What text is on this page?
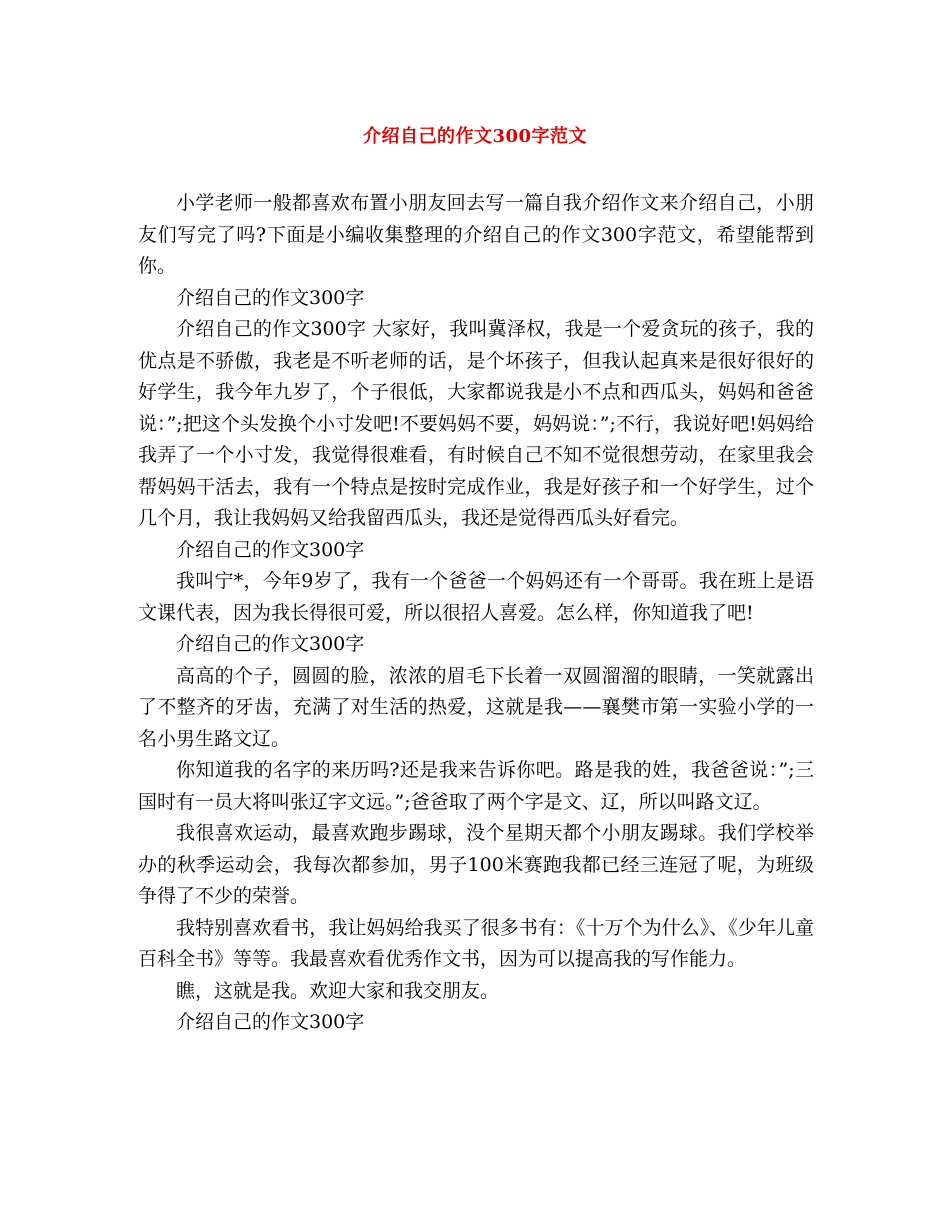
介绍自己的作文300字范文

小学老师一般都喜欢布置小朋友回去写一篇自我介绍作文来介绍自己，小朋友们写完了吗?下面是小编收集整理的介绍自己的作文300字范文，希望能帮到你。

介绍自己的作文300字

介绍自己的作文300字 大家好，我叫冀泽权，我是一个爱贪玩的孩子，我的优点是不骄傲，我老是不听老师的话，是个坏孩子，但我认起真来是很好很好的好学生，我今年九岁了，个子很低，大家都说我是小不点和西瓜头，妈妈和爸爸说：”;把这个头发换个小寸发吧!不要妈妈不要，妈妈说：”;不行，我说好吧!妈妈给我弄了一个小寸发，我觉得很难看，有时候自己不知不觉很想劳动，在家里我会帮妈妈干活去，我有一个特点是按时完成作业，我是好孩子和一个好学生，过个几个月，我让我妈妈又给我留西瓜头，我还是觉得西瓜头好看完。

介绍自己的作文300字

我叫宁*，今年9岁了，我有一个爸爸一个妈妈还有一个哥哥。我在班上是语文课代表，因为我长得很可爱，所以很招人喜爱。怎么样，你知道我了吧!

介绍自己的作文300字

高高的个子，圆圆的脸，浓浓的眉毛下长着一双圆溜溜的眼睛，一笑就露出了不整齐的牙齿，充满了对生活的热爱，这就是我——襄樊市第一实验小学的一名小男生路文辽。

你知道我的名字的来历吗?还是我来告诉你吧。路是我的姓，我爸爸说：”;三国时有一员大将叫张辽字文远。”;爸爸取了两个字是文、辽，所以叫路文辽。

我很喜欢运动，最喜欢跑步踢球，没个星期天都个小朋友踢球。我们学校举办的秋季运动会，我每次都参加，男子100米赛跑我都已经三连冠了呢，为班级争得了不少的荣誉。

我特别喜欢看书，我让妈妈给我买了很多书有：《十万个为什么》、《少年儿童百科全书》等等。我最喜欢看优秀作文书，因为可以提高我的写作能力。

瞧，这就是我。欢迎大家和我交朋友。

介绍自己的作文300字
